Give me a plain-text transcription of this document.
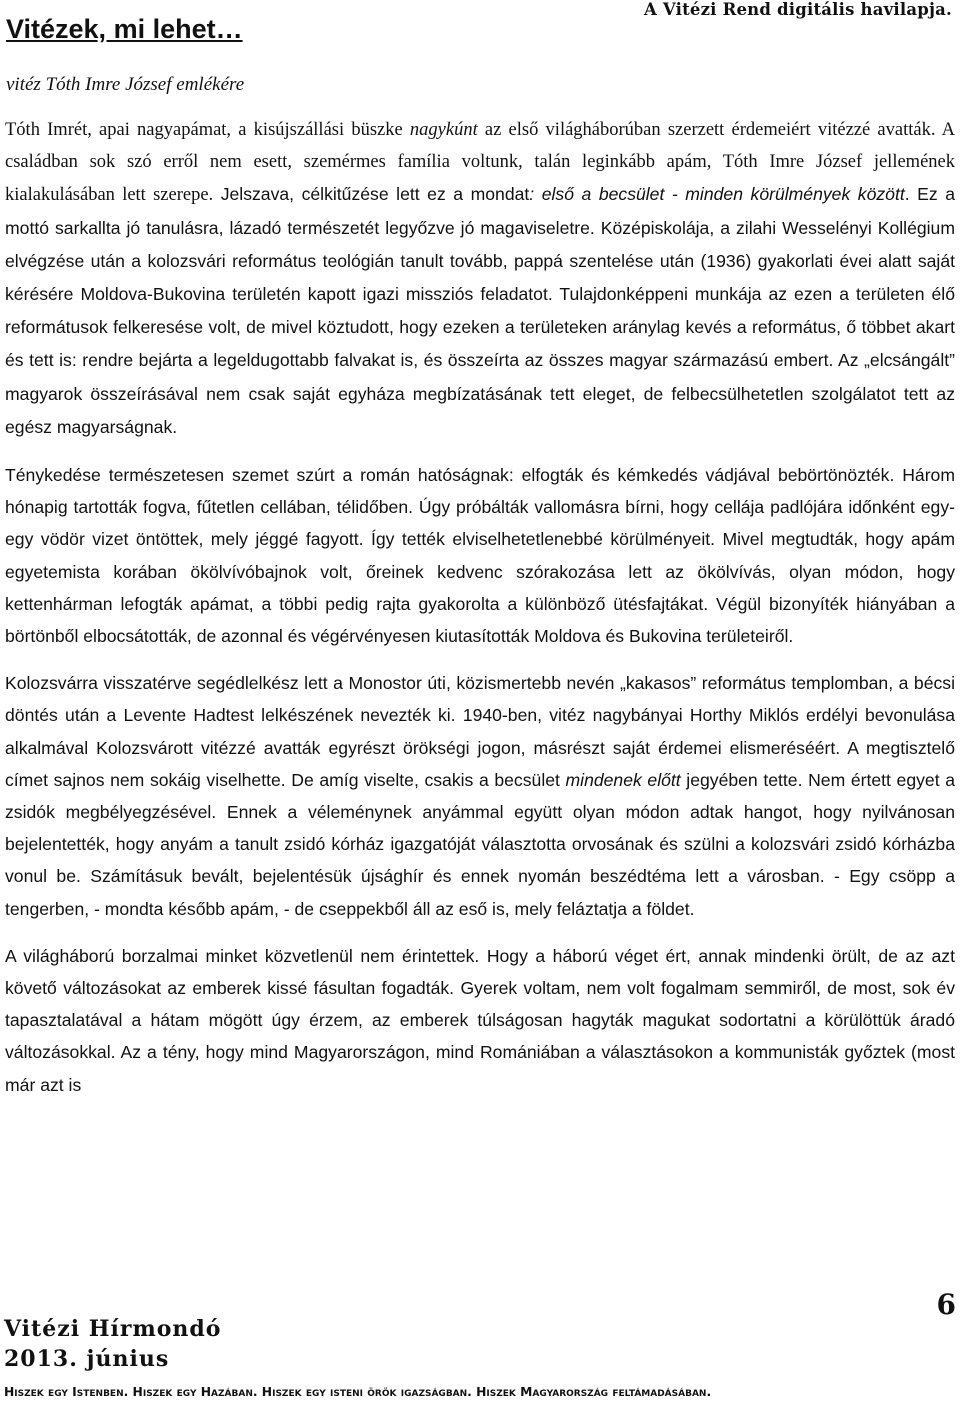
Vitézek, mi lehet…
A Vitézi Rend digitális havilapja.
vitéz Tóth Imre József emlékére

Tóth Imrét, apai nagyapámat, a kisújszállási büszke nagykúnt az első világháborúban szerzett érdemeiért vitézzé avatták. A családban sok szó erről nem esett, szemérmes família voltunk, talán leginkább apám, Tóth Imre József jellemének kialakulásában lett szerepe. Jelszava, célkitűzése lett ez a mondat: első a becsület - minden körülmények között. Ez a mottó sarkallta jó tanulásra, lázadó természetét legyőzve jó magaviseletre. Középiskolája, a zilahi Wesselényi Kollégium elvégzése után a kolozsvári református teológián tanult tovább, pappá szentelése után (1936) gyakorlati évei alatt saját kérésére Moldova-Bukovina területén kapott igazi missziós feladatot. Tulajdonképpeni munkája az ezen a területen élő reformátusok felkeresése volt, de mivel köztudott, hogy ezeken a területeken aránylag kevés a református, ő többet akart és tett is: rendre bejárta a legeldugottabb falvakat is, és összeírta az összes magyar származású embert. Az „elcsángált” magyarok összeírásával nem csak saját egyháza megbízatásának tett eleget, de felbecsülhetetlen szolgálatot tett az egész magyarságnak.

Ténykedése természetesen szemet szúrt a román hatóságnak: elfogták és kémkedés vádjával bebörtönözték. Három hónapig tartották fogva, fűtetlen cellában, télidőben. Úgy próbálták vallomásra bírni, hogy cellája padlójára időnként egy-egy vödör vizet öntöttek, mely jéggé fagyott. Így tették elviselhetetlenebbé körülményeit. Mivel megtudták, hogy apám egyetemista korában ökölvívóbajnok volt, őreinek kedvenc szórakozása lett az ökölvívás, olyan módon, hogy kettenhárman lefogták apámat, a többi pedig rajta gyakorolta a különböző ütésfajtákat. Végül bizonyíték hiányában a börtönből elbocsátották, de azonnal és végérvényesen kiutasították Moldova és Bukovina területeiről.

Kolozsvárra visszatérve segédlelkész lett a Monostor úti, közismertebb nevén „kakasos” református templomban, a bécsi döntés után a Levente Hadtest lelkészének nevezték ki. 1940-ben, vitéz nagybányai Horthy Miklós erdélyi bevonulása alkalmával Kolozsvárott vitézzé avatták egyrészt örökségi jogon, másrészt saját érdemei elismeréséért. A megtisztelő címet sajnos nem sokáig viselhette. De amíg viselte, csakis a becsület mindenek előtt jegyében tette. Nem értett egyet a zsidók megbélyegzésével. Ennek a véleménynek anyámmal együtt olyan módon adtak hangot, hogy nyilvánosan bejelentették, hogy anyám a tanult zsidó kórház igazgatóját választotta orvosának és szülni a kolozsvári zsidó kórházba vonul be. Számításuk bevált, bejelentésük újsághír és ennek nyomán beszédtéma lett a városban. - Egy csöpp a tengerben, - mondta később apám, - de cseppekből áll az eső is, mely feláztatja a földet.

A világháború borzalmai minket közvetlenül nem érintettek. Hogy a háború véget ért, annak mindenki örült, de az azt követő változásokat az emberek kissé fásultan fogadták. Gyerek voltam, nem volt fogalmam semmiről, de most, sok év tapasztalatával a hátam mögött úgy érzem, az emberek túlságosan hagyták magukat sodortatni a körülöttük áradó változásokkal. Az a tény, hogy mind Magyarországon, mind Romániában a választásokon a kommunisták győztek (most már azt is

6
Vitézi Hírmondó
2013. június
Hiszek egy Istenben. Hiszek egy Hazában. Hiszek egy isteni örök igazságban. Hiszek Magyarország feltámadásában.
